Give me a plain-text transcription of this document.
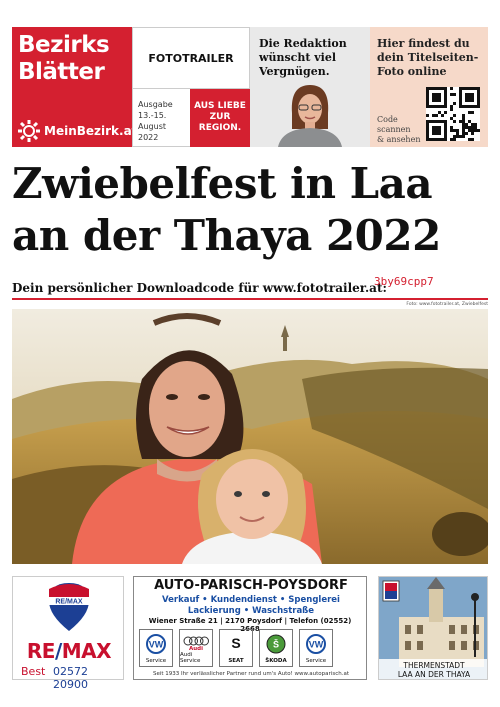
Bezirks
Blätter
MeinBezirk.at
FOTOTRAILER
Ausgabe
13.-15. August
2022
AUS LIEBE
ZUR
REGION.
Die Redaktion
wünscht viel
Vergnügen.
Hier findest du
dein Titelseiten-
Foto online
Code
scannen
& ansehen
Zwiebelfest in Laa
an der Thaya 2022
Dein persönlicher Downloadcode für www.fototrailer.at:
3by69cpp7
Foto: www.fototrailer.at, Zwiebelfest
RE/MAX
RE/MAX
Best 02572 20900
AUTO-PARISCH-POYSDORF
Verkauf • Kundendienst • Spenglerei
Lackierung • Waschstraße
Wiener Straße 21 | 2170 Poysdorf | Telefon (02552) 2668
VW
Service
Audi
Audi Service
S
SEAT
Š
ŠKODA
VW
Service
Seit 1933 Ihr verlässlicher Partner rund um's Auto! www.autoparisch.at
THERMENSTADT
LAA AN DER THAYA
